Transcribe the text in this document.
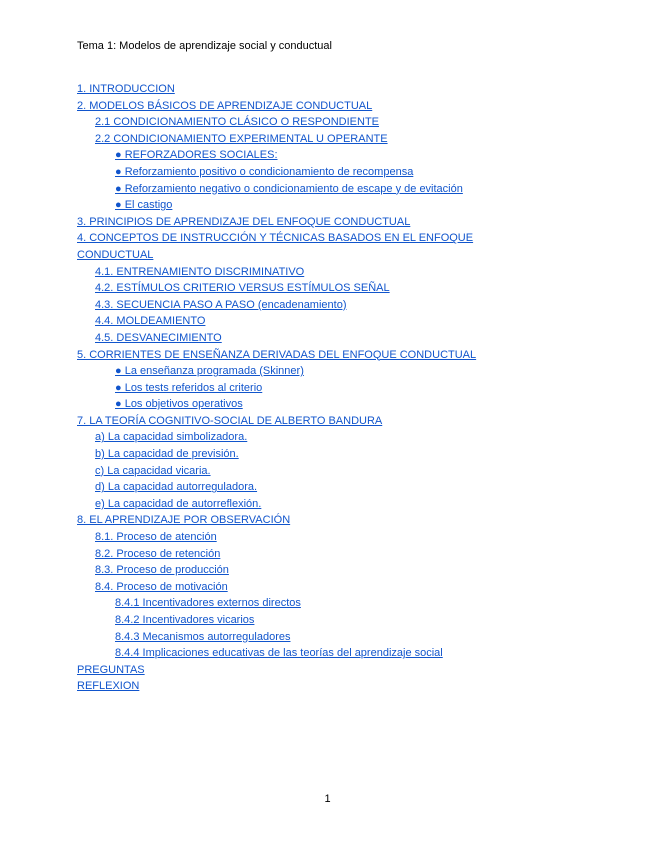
Tema 1: Modelos de aprendizaje social y conductual
1. INTRODUCCION
2. MODELOS BÁSICOS DE APRENDIZAJE CONDUCTUAL
2.1 CONDICIONAMIENTO CLÁSICO O RESPONDIENTE
2.2 CONDICIONAMIENTO EXPERIMENTAL U OPERANTE
● REFORZADORES SOCIALES:
● Reforzamiento positivo o condicionamiento de recompensa
● Reforzamiento negativo o condicionamiento de escape y de evitación
● El castigo
3. PRINCIPIOS DE APRENDIZAJE DEL ENFOQUE CONDUCTUAL
4. CONCEPTOS DE INSTRUCCIÓN Y TÉCNICAS BASADOS EN EL ENFOQUE CONDUCTUAL
4.1. ENTRENAMIENTO DISCRIMINATIVO
4.2. ESTÍMULOS CRITERIO VERSUS ESTÍMULOS SEÑAL
4.3. SECUENCIA PASO A PASO (encadenamiento)
4.4. MOLDEAMIENTO
4.5. DESVANECIMIENTO
5. CORRIENTES DE ENSEÑANZA DERIVADAS DEL ENFOQUE CONDUCTUAL
● La enseñanza programada (Skinner)
● Los tests referidos al criterio
● Los objetivos operativos
7. LA TEORÍA COGNITIVO-SOCIAL DE ALBERTO BANDURA
a) La capacidad simbolizadora.
b) La capacidad de previsión.
c) La capacidad vicaria.
d) La capacidad autorreguladora.
e) La capacidad de autorreflexión.
8. EL APRENDIZAJE POR OBSERVACIÓN
8.1. Proceso de atención
8.2. Proceso de retención
8.3. Proceso de producción
8.4. Proceso de motivación
8.4.1 Incentivadores externos directos
8.4.2 Incentivadores vicarios
8.4.3 Mecanismos autorreguladores
8.4.4 Implicaciones educativas de las teorías del aprendizaje social
PREGUNTAS
REFLEXION
1
